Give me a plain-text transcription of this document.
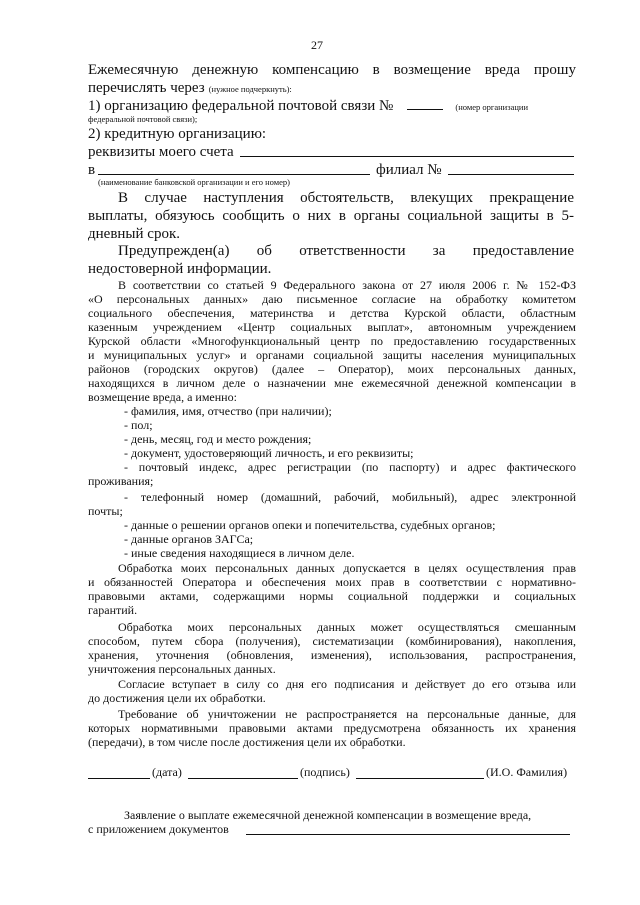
27
Ежемесячную денежную компенсацию в возмещение вреда прошу
перечислять через (нужное подчеркнуть):
1) организацию федеральной почтовой связи №	(номер организации
федеральной почтовой связи);
2) кредитную организацию:
реквизиты моего счета
в	филиал №
(наименование банковской организации и его номер)
В случае наступления обстоятельств, влекущих прекращение
выплаты, обязуюсь сообщить о них в органы социальной защиты в 5-
дневный срок.
Предупрежден(а) об ответственности за предоставление
недостоверной информации.
В соответствии со статьей 9 Федерального закона от 27 июля 2006 г. № 152-ФЗ
«О персональных данных» даю письменное согласие на обработку комитетом
социального обеспечения, материнства и детства Курской области, областным
казенным учреждением «Центр социальных выплат», автономным учреждением
Курской области «Многофункциональный центр по предоставлению государственных
и муниципальных услуг» и органами социальной защиты населения муниципальных
районов (городских округов) (далее – Оператор), моих персональных данных,
находящихся в личном деле о назначении мне ежемесячной денежной компенсации в
возмещение вреда, а именно:
- фамилия, имя, отчество (при наличии);
- пол;
- день, месяц, год и место рождения;
- документ, удостоверяющий личность, и его реквизиты;
- почтовый индекс, адрес регистрации (по паспорту) и адрес фактического
проживания;
- телефонный номер (домашний, рабочий, мобильный), адрес электронной
почты;
- данные о решении органов опеки и попечительства, судебных органов;
- данные органов ЗАГСа;
- иные сведения находящиеся в личном деле.
Обработка моих персональных данных допускается в целях осуществления прав
и обязанностей Оператора и обеспечения моих прав в соответствии с нормативно-
правовыми актами, содержащими нормы социальной поддержки и социальных
гарантий.
Обработка моих персональных данных может осуществляться смешанным
способом, путем сбора (получения), систематизации (комбинирования), накопления,
хранения, уточнения (обновления, изменения), использования, распространения,
уничтожения персональных данных.
Согласие вступает в силу со дня его подписания и действует до его отзыва или
до достижения цели их обработки.
Требование об уничтожении не распространяется на персональные данные, для
которых нормативными правовыми актами предусмотрена обязанность их хранения
(передачи), в том числе после достижения цели их обработки.
(дата)	(подпись)	(И.О. Фамилия)
Заявление о выплате ежемесячной денежной компенсации в возмещение вреда,
с приложением документов
